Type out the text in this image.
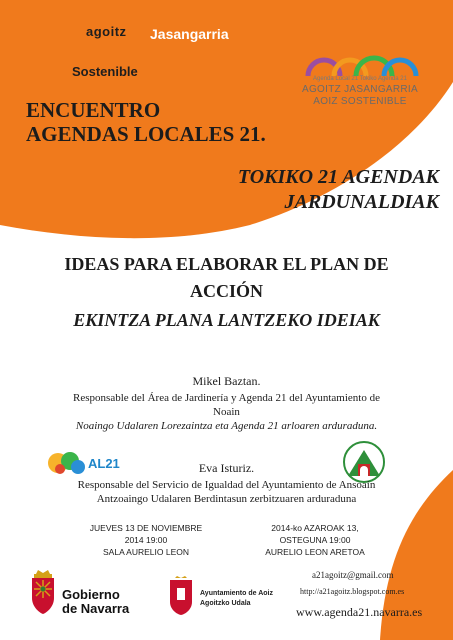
agoitz Jasangarria
Sostenible	Agenda Local 21 Tokiko Agenda 21
AGOITZ JASANGARRIA
AOIZ SOSTENIBLE
ENCUENTRO
AGENDAS LOCALES 21.
TOKIKO 21 AGENDAK
JARDUNALDIAK
IDEAS PARA ELABORAR EL PLAN DE
ACCIÓN
EKINTZA PLANA LANTZEKO IDEIAK
Mikel Baztan.
Responsable del Área de Jardinería y Agenda 21 del Ayuntamiento de
Noain
Noaingo Udalaren Lorezaintza eta Agenda 21 arloaren arduraduna.
AL21	Eva Isturiz.
Responsable del Servicio de Igualdad del Ayuntamiento de Ansoain
Antzoaingo Udalaren Berdintasun zerbitzuaren arduraduna
JUEVES 13 DE NOVIEMBRE
2014 19:00
SALA AURELIO LEON
2014-ko AZAROAK 13,
OSTEGUNA 19:00
AURELIO LEON ARETOA
Gobierno
de Navarra
Ayuntamiento de Aoiz
Agoitzko Udala
a21agoitz@gmail.com
http://a21agoitz.blogspot.com.es
www.agenda21.navarra.es
